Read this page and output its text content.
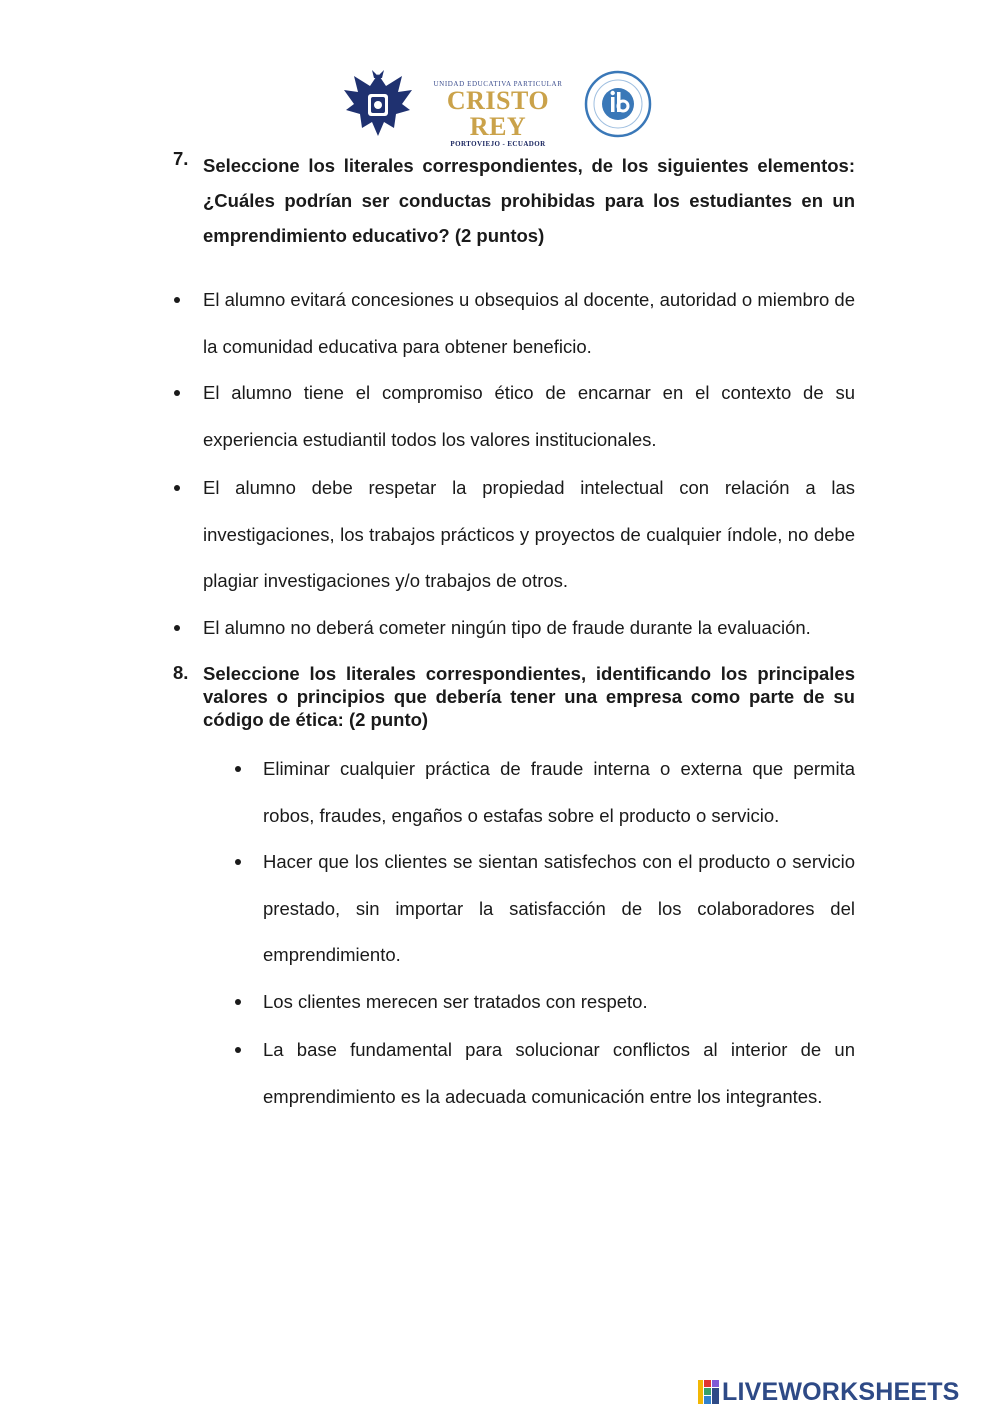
UNIDAD EDUCATIVA PARTICULAR
CRISTO REY
PORTOVIEJO - ECUADOR
7. Seleccione los literales correspondientes, de los siguientes elementos: ¿Cuáles podrían ser conductas prohibidas para los estudiantes en un emprendimiento educativo? (2 puntos)
El alumno evitará concesiones u obsequios al docente, autoridad o miembro de la comunidad educativa para obtener beneficio.
El alumno tiene el compromiso ético de encarnar en el contexto de su experiencia estudiantil todos los valores institucionales.
El alumno debe respetar la propiedad intelectual con relación a las investigaciones, los trabajos prácticos y proyectos de cualquier índole, no debe plagiar investigaciones y/o trabajos de otros.
El alumno no deberá cometer ningún tipo de fraude durante la evaluación.
8. Seleccione los literales correspondientes, identificando los principales valores o principios que debería tener una empresa como parte de su código de ética: (2 punto)
Eliminar cualquier práctica de fraude interna o externa que permita robos, fraudes, engaños o estafas sobre el producto o servicio.
Hacer que los clientes se sientan satisfechos con el producto o servicio prestado, sin importar la satisfacción de los colaboradores del emprendimiento.
Los clientes merecen ser tratados con respeto.
La base fundamental para solucionar conflictos al interior de un emprendimiento es la adecuada comunicación entre los integrantes.
LIVEWORKSHEETS
